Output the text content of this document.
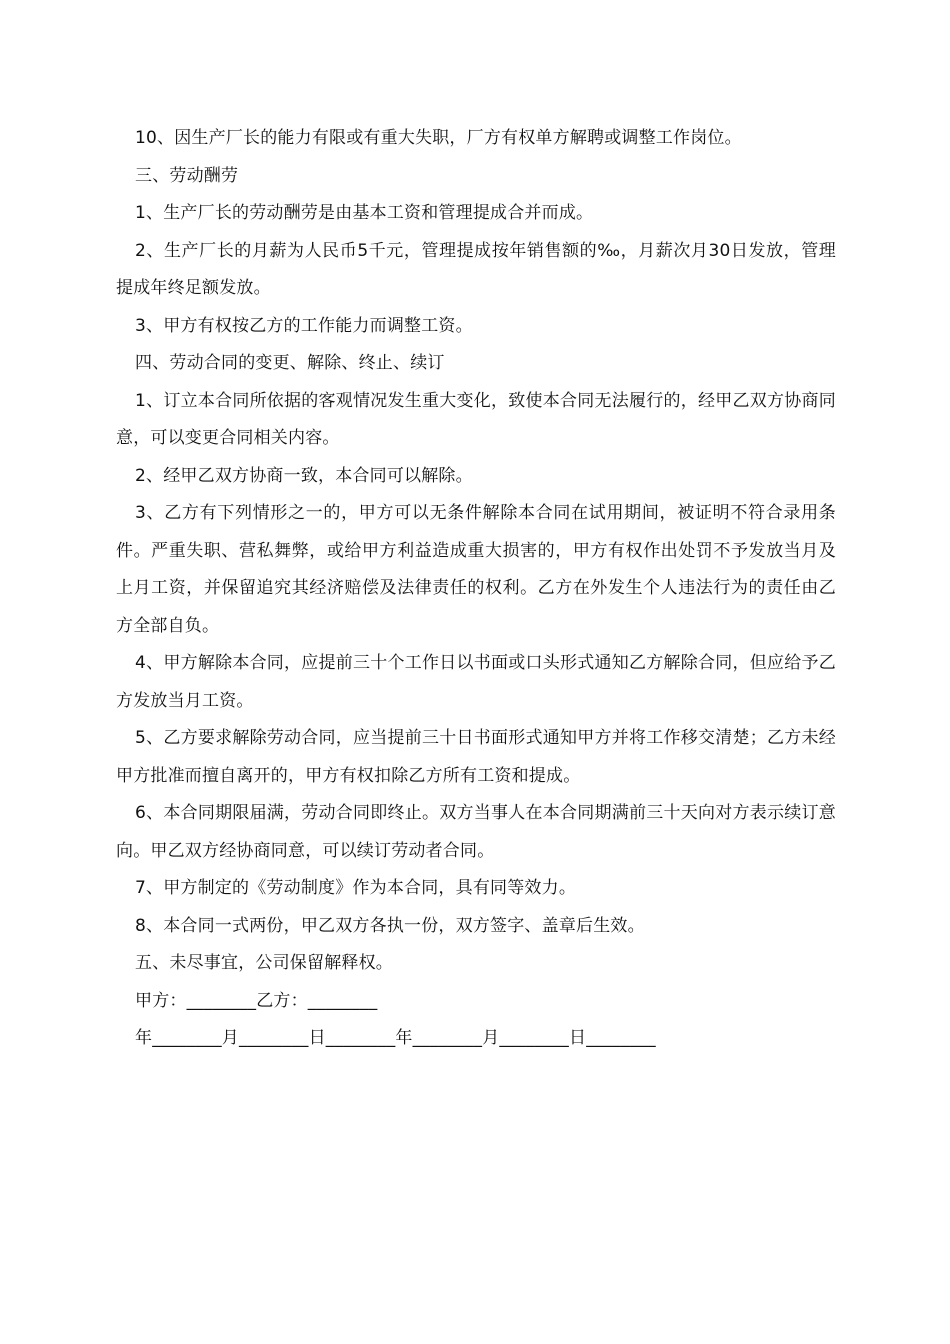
10、因生产厂长的能力有限或有重大失职，厂方有权单方解聘或调整工作岗位。

三、劳动酬劳

1、生产厂长的劳动酬劳是由基本工资和管理提成合并而成。

2、生产厂长的月薪为人民币5千元，管理提成按年销售额的‰，月薪次月30日发放，管理提成年终足额发放。

3、甲方有权按乙方的工作能力而调整工资。

四、劳动合同的变更、解除、终止、续订

1、订立本合同所依据的客观情况发生重大变化，致使本合同无法履行的，经甲乙双方协商同意，可以变更合同相关内容。

2、经甲乙双方协商一致，本合同可以解除。

3、乙方有下列情形之一的，甲方可以无条件解除本合同在试用期间，被证明不符合录用条件。严重失职、营私舞弊，或给甲方利益造成重大损害的，甲方有权作出处罚不予发放当月及上月工资，并保留追究其经济赔偿及法律责任的权利。乙方在外发生个人违法行为的责任由乙方全部自负。

4、甲方解除本合同，应提前三十个工作日以书面或口头形式通知乙方解除合同，但应给予乙方发放当月工资。

5、乙方要求解除劳动合同，应当提前三十日书面形式通知甲方并将工作移交清楚；乙方未经甲方批准而擅自离开的，甲方有权扣除乙方所有工资和提成。

6、本合同期限届满，劳动合同即终止。双方当事人在本合同期满前三十天向对方表示续订意向。甲乙双方经协商同意，可以续订劳动者合同。

7、甲方制定的《劳动制度》作为本合同，具有同等效力。

8、本合同一式两份，甲乙双方各执一份，双方签字、盖章后生效。

五、未尽事宜，公司保留解释权。

甲方：________乙方：________

年________月________日________年________月________日________
